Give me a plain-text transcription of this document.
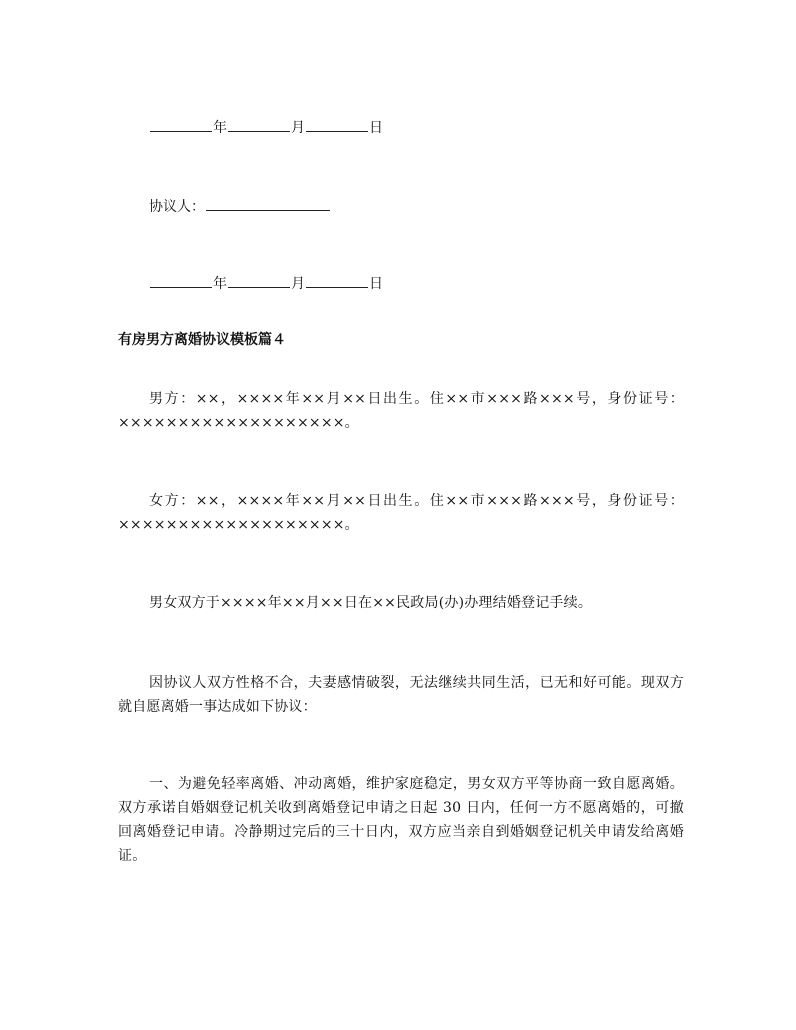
年	月	日
协议人：
年	月	日
有房男方离婚协议模板篇４
男方：××，××××年××月××日出生。住××市×××路×××号，身份证号：×××××××××××××××××××。
女方：××，××××年××月××日出生。住××市×××路×××号，身份证号：×××××××××××××××××××。
男女双方于××××年××月××日在××民政局(办)办理结婚登记手续。
因协议人双方性格不合，夫妻感情破裂，无法继续共同生活，已无和好可能。现双方就自愿离婚一事达成如下协议：
一、为避免轻率离婚、冲动离婚，维护家庭稳定，男女双方平等协商一致自愿离婚。双方承诺自婚姻登记机关收到离婚登记申请之日起 30 日内，任何一方不愿离婚的，可撤回离婚登记申请。冷静期过完后的三十日内，双方应当亲自到婚姻登记机关申请发给离婚证。
